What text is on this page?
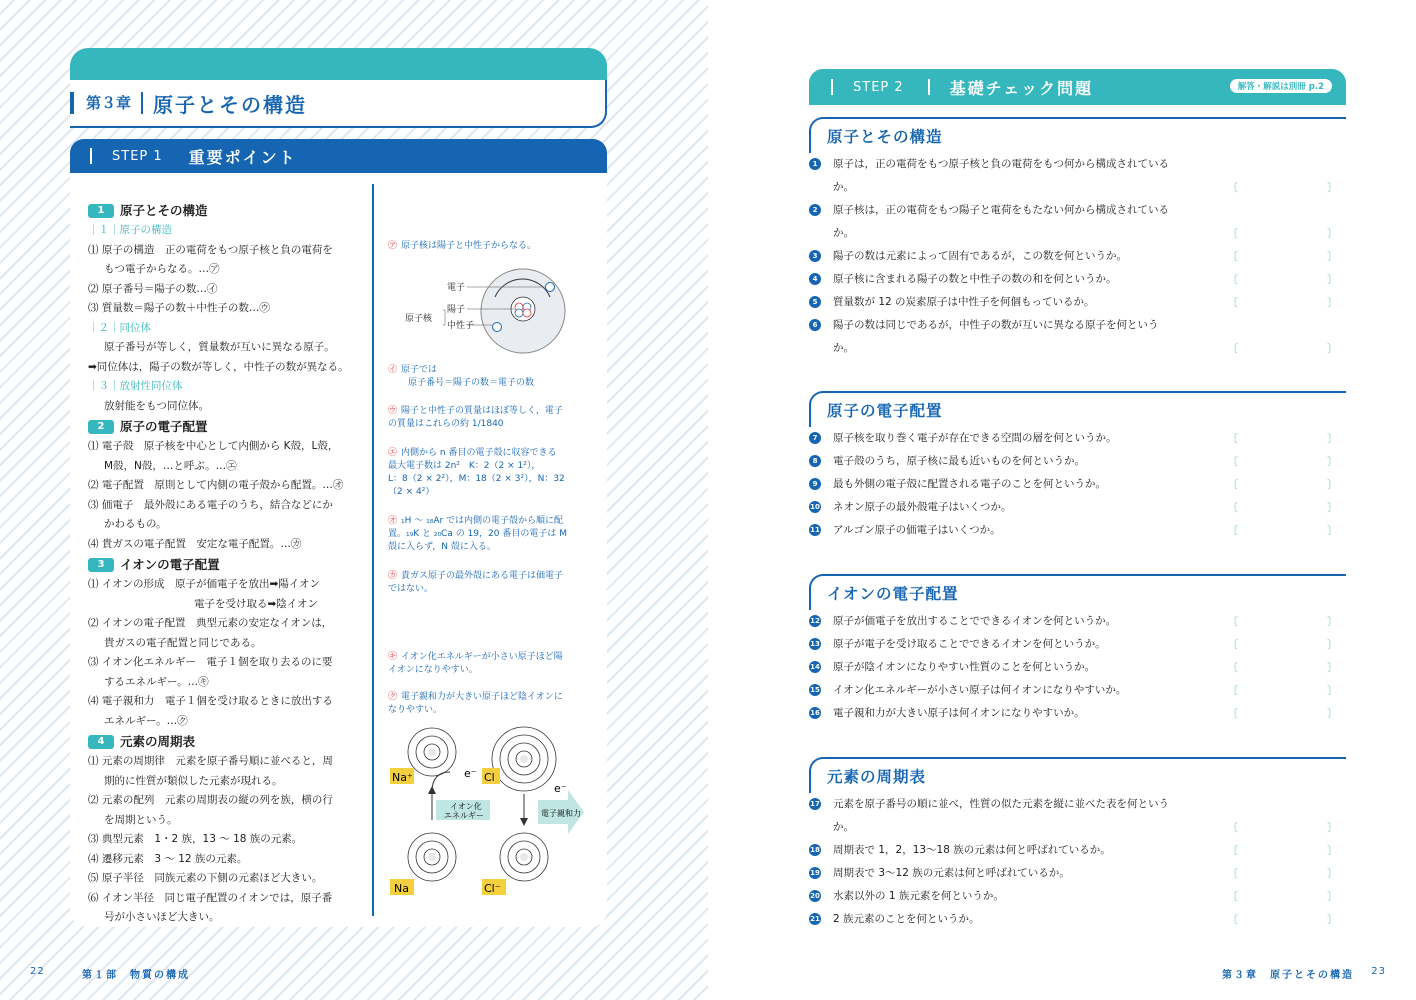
第３章	原子とその構造
STEP 1 重要ポイント
1	原子とその構造
｜１｜原子の構造
⑴ 原子の構造　正の電荷をもつ原子核と負の電荷を
もつ電子からなる。…㋐
⑵ 原子番号＝陽子の数…㋑
⑶ 質量数＝陽子の数＋中性子の数…㋒
｜２｜同位体
原子番号が等しく，質量数が互いに異なる原子。
➡同位体は，陽子の数が等しく，中性子の数が異なる。
｜３｜放射性同位体
放射能をもつ同位体。
2	原子の電子配置
⑴ 電子殻　原子核を中心として内側から K殻，L殻，
M殻，N殻，…と呼ぶ。…㋓
⑵ 電子配置　原則として内側の電子殻から配置。…㋔
⑶ 価電子　最外殻にある電子のうち，結合などにか
かわるもの。
⑷ 貴ガスの電子配置　安定な電子配置。…㋕
3	イオンの電子配置
⑴ イオンの形成　原子が価電子を放出➡陽イオン
電子を受け取る➡陰イオン
⑵ イオンの電子配置　典型元素の安定なイオンは，
貴ガスの電子配置と同じである。
⑶ イオン化エネルギー　電子１個を取り去るのに要
するエネルギー。…㋖
⑷ 電子親和力　電子１個を受け取るときに放出する
エネルギー。…㋗
4	元素の周期表
⑴ 元素の周期律　元素を原子番号順に並べると，周
期的に性質が類似した元素が現れる。
⑵ 元素の配列　元素の周期表の縦の列を族，横の行
を周期という。
⑶ 典型元素　1・2 族，13 〜 18 族の元素。
⑷ 遷移元素　3 〜 12 族の元素。
⑸ 原子半径　同族元素の下側の元素ほど大きい。
⑹ イオン半径　同じ電子配置のイオンでは，原子番
号が小さいほど大きい。
㋐ 原子核は陽子と中性子からなる。
㋑ 原子では
原子番号＝陽子の数＝電子の数
㋒ 陽子と中性子の質量はほぼ等しく，電子
の質量はこれらの約 1/1840
㋓ 内側から n 番目の電子殻に収容できる
最大電子数は 2n²　K：2（2 × 1²），
L：8（2 × 2²），M：18（2 × 3²），N：32
（2 × 4²）
㋔ ₁H 〜 ₁₈Ar では内側の電子殻から順に配
置。₁₉K と ₂₀Ca の 19，20 番目の電子は M
殻に入らず，N 殻に入る。
㋕ 貴ガス原子の最外殻にある電子は価電子
ではない。
㋖ イオン化エネルギーが小さい原子ほど陽
イオンになりやすい。
㋗ 電子親和力が大きい原子ほど陰イオンに
なりやすい。
電子
陽子
原子核
中性子
Na⁺	e⁻ Cl
イオン化
エネルギー
e⁻
電子親和力
Na	Cl⁻
22	第１部　物質の構成
STEP 2	基礎チェック問題	解答・解説は別冊 p.2
原子とその構造
1	原子は，正の電荷をもつ原子核と負の電荷をもつ何から構成されている
か。	〔	〕
2	原子核は，正の電荷をもつ陽子と電荷をもたない何から構成されている
か。	〔	〕
3	陽子の数は元素によって固有であるが，この数を何というか。	〔	〕
4	原子核に含まれる陽子の数と中性子の数の和を何というか。	〔	〕
5	質量数が 12 の炭素原子は中性子を何個もっているか。	〔	〕
6	陽子の数は同じであるが，中性子の数が互いに異なる原子を何という
か。	〔	〕
原子の電子配置
7	原子核を取り巻く電子が存在できる空間の層を何というか。	〔	〕
8	電子殻のうち，原子核に最も近いものを何というか。	〔	〕
9	最も外側の電子殻に配置される電子のことを何というか。	〔	〕
10 ネオン原子の最外殻電子はいくつか。	〔	〕
11 アルゴン原子の価電子はいくつか。	〔	〕
イオンの電子配置
12 原子が価電子を放出することでできるイオンを何というか。	〔	〕
13 原子が電子を受け取ることでできるイオンを何というか。	〔	〕
14 原子が陰イオンになりやすい性質のことを何というか。	〔	〕
15 イオン化エネルギーが小さい原子は何イオンになりやすいか。	〔	〕
16 電子親和力が大きい原子は何イオンになりやすいか。	〔	〕
元素の周期表
17 元素を原子番号の順に並べ，性質の似た元素を縦に並べた表を何という
か。	〔	〕
18 周期表で 1，2，13〜18 族の元素は何と呼ばれているか。	〔	〕
19 周期表で 3〜12 族の元素は何と呼ばれているか。	〔	〕
20 水素以外の 1 族元素を何というか。	〔	〕
21 2 族元素のことを何というか。	〔	〕
第３章　原子とその構造 23
